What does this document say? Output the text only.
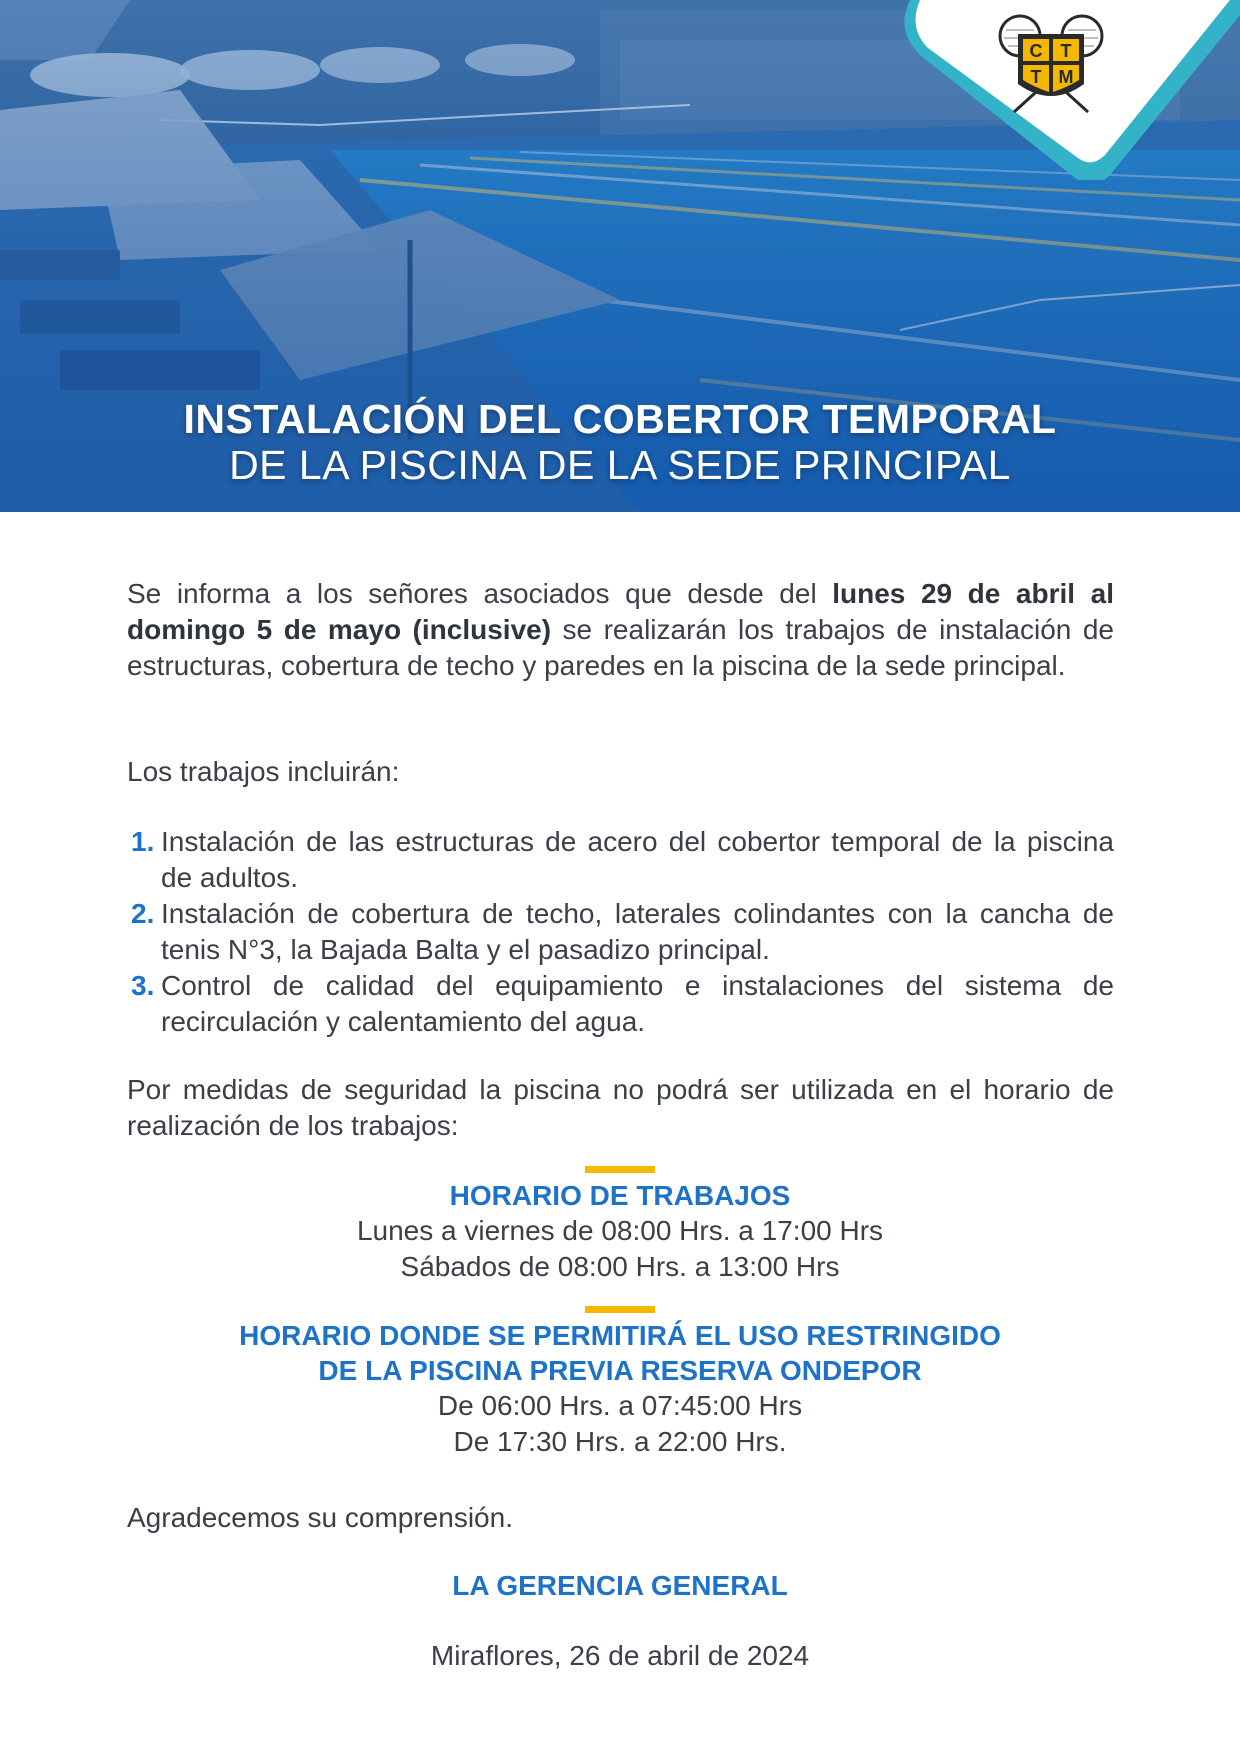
INSTALACIÓN DEL COBERTOR TEMPORAL
DE LA PISCINA DE LA SEDE PRINCIPAL
C T
T M
Se informa a los señores asociados que desde del lunes 29 de abril al domingo 5 de mayo (inclusive) se realizarán los trabajos de instalación de estructuras, cobertura de techo y paredes en la piscina de la sede principal.
Los trabajos incluirán:
1. Instalación de las estructuras de acero del cobertor temporal de la piscina de adultos.
2. Instalación de cobertura de techo, laterales colindantes con la cancha de tenis N°3, la Bajada Balta y el pasadizo principal.
3. Control de calidad del equipamiento e instalaciones del sistema de recirculación y calentamiento del agua.
Por medidas de seguridad la piscina no podrá ser utilizada en el horario de realización de los trabajos:
HORARIO DE TRABAJOS
Lunes a viernes de 08:00 Hrs. a 17:00 Hrs
Sábados de 08:00 Hrs. a 13:00 Hrs
HORARIO DONDE SE PERMITIRÁ EL USO RESTRINGIDO
DE LA PISCINA PREVIA RESERVA ONDEPOR
De 06:00 Hrs. a 07:45:00 Hrs
De 17:30 Hrs. a 22:00 Hrs.
Agradecemos su comprensión.
LA GERENCIA GENERAL
Miraflores, 26 de abril de 2024
